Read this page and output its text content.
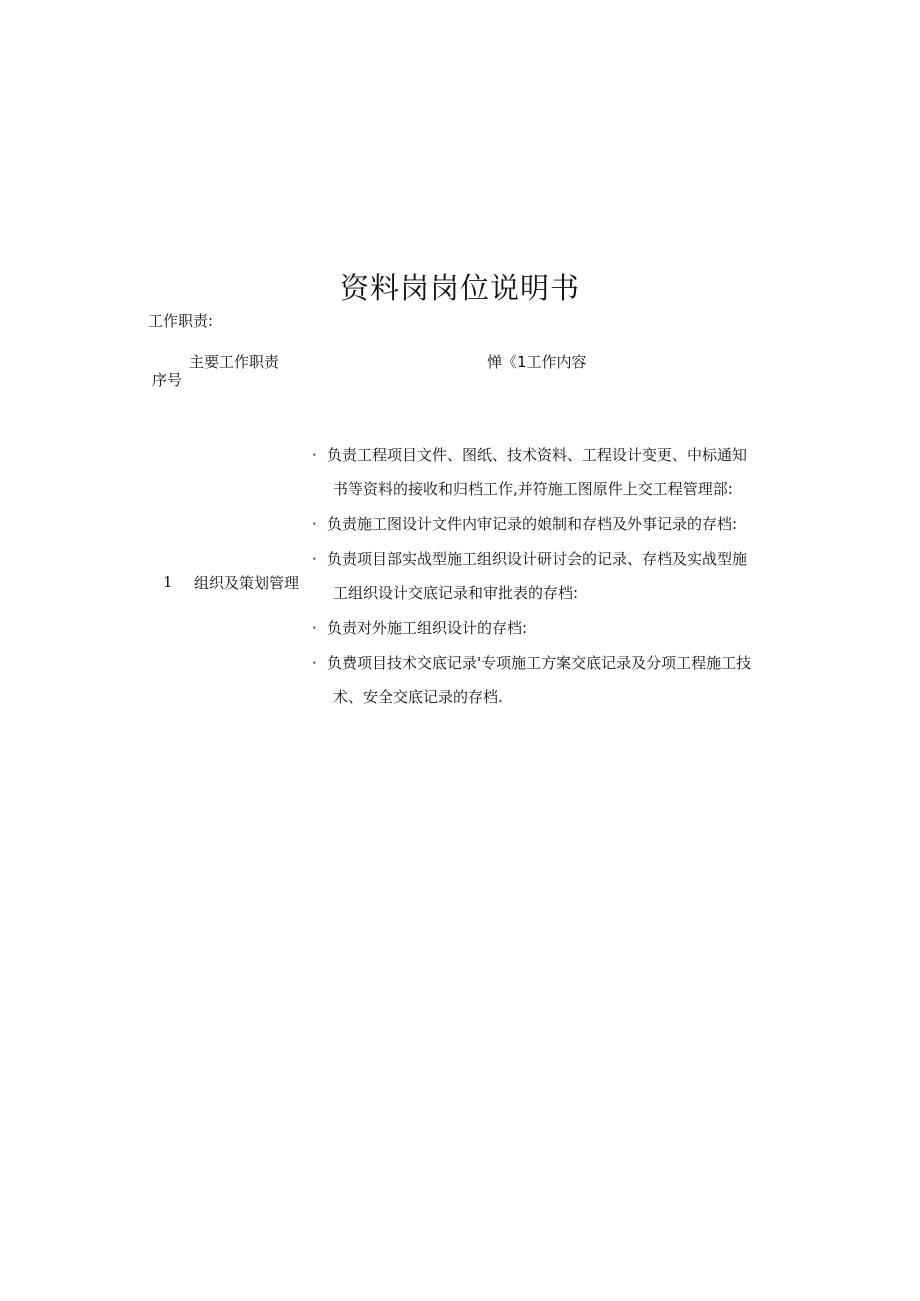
资料岗岗位说明书
工作职责:
主要工作职责
序号
惮《1工作内容
1 组织及策划管理
· 负责工程项目文件、图纸、技术资料、工程设计变更、中标通知
书等资料的接收和归档工作,并符施工图原件上交工程管理部:
· 负责施工图设计文件内审记录的娘制和存档及外事记录的存档:
· 负责项目部实战型施工组织设计研讨会的记录、存档及实战型施
工组织设计交底记录和审批表的存档:
· 负责对外施工组织设计的存档:
· 负费项目技术交底记录'专项施工方案交底记录及分项工程施工技
术、安全交底记录的存档.
